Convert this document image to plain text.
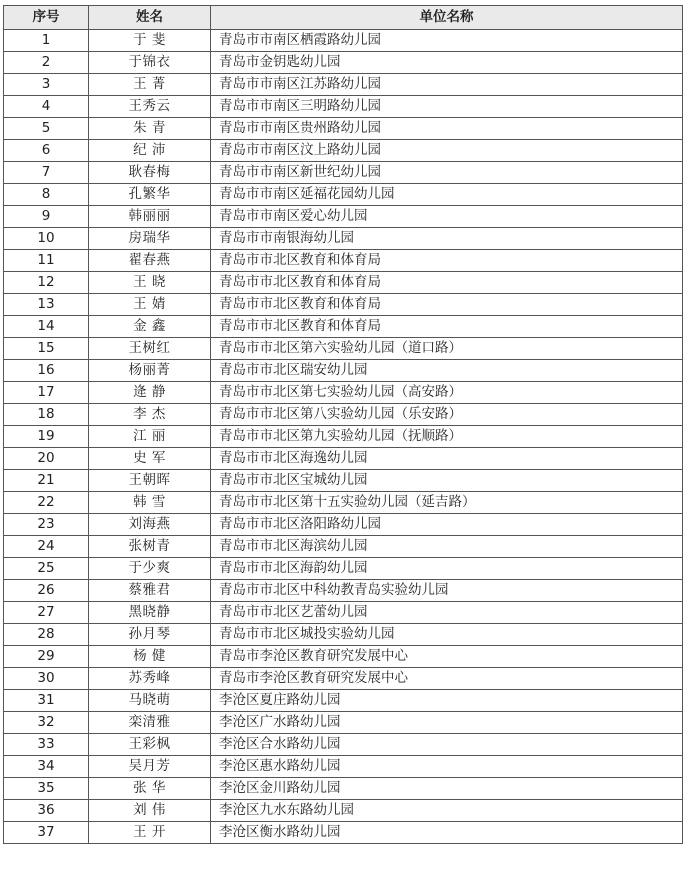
序号	姓名	单位名称
1	于 斐	青岛市市南区栖霞路幼儿园
2	于锦衣	青岛市金钥匙幼儿园
3	王 菁	青岛市市南区江苏路幼儿园
4	王秀云	青岛市市南区三明路幼儿园
5	朱 青	青岛市市南区贵州路幼儿园
6	纪 沛	青岛市市南区汶上路幼儿园
7	耿春梅	青岛市市南区新世纪幼儿园
8	孔繁华	青岛市市南区延福花园幼儿园
9	韩丽丽	青岛市市南区爱心幼儿园
10	房瑞华	青岛市市南银海幼儿园
11	翟春燕	青岛市市北区教育和体育局
12	王 晓	青岛市市北区教育和体育局
13	王 婧	青岛市市北区教育和体育局
14	金 鑫	青岛市市北区教育和体育局
15	王树红	青岛市市北区第六实验幼儿园（道口路）
16	杨丽菁	青岛市市北区瑞安幼儿园
17	逄 静	青岛市市北区第七实验幼儿园（高安路）
18	李 杰	青岛市市北区第八实验幼儿园（乐安路）
19	江 丽	青岛市市北区第九实验幼儿园（抚顺路）
20	史 军	青岛市市北区海逸幼儿园
21	王朝晖	青岛市市北区宝城幼儿园
22	韩 雪	青岛市市北区第十五实验幼儿园（延吉路）
23	刘海燕	青岛市市北区洛阳路幼儿园
24	张树青	青岛市市北区海滨幼儿园
25	于少爽	青岛市市北区海韵幼儿园
26	蔡雅君	青岛市市北区中科幼教青岛实验幼儿园
27	黑晓静	青岛市市北区艺蕾幼儿园
28	孙月琴	青岛市市北区城投实验幼儿园
29	杨 健	青岛市李沧区教育研究发展中心
30	苏秀峰	青岛市李沧区教育研究发展中心
31	马晓萌	李沧区夏庄路幼儿园
32	栾清雅	李沧区广水路幼儿园
33	王彩枫	李沧区合水路幼儿园
34	吴月芳	李沧区惠水路幼儿园
35	张 华	李沧区金川路幼儿园
36	刘 伟	李沧区九水东路幼儿园
37	王 开	李沧区衡水路幼儿园
